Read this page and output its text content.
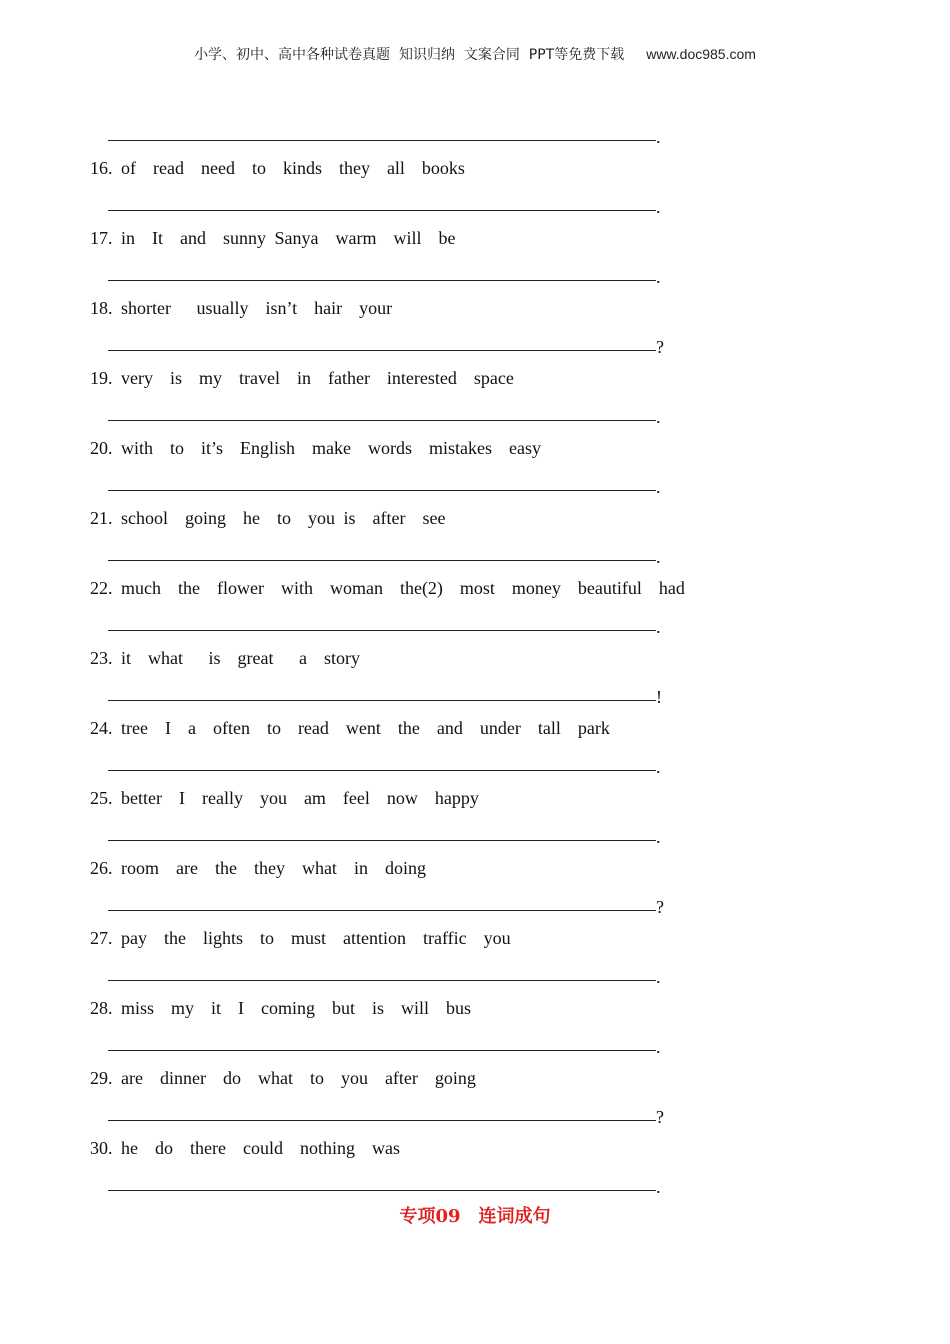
小学、初中、高中各种试卷真题  知识归纳  文案合同  PPT等免费下载 www.doc985.com
.
16. of  read  need  to  kinds  they  all  books
.
17. in  It  and  sunny Sanya  warm  will  be
.
18. shorter   usually  isn’t  hair  your
?
19. very  is  my  travel  in  father  interested  space
.
20. with  to  it’s  English  make  words  mistakes  easy
.
21. school  going  he  to  you is  after  see
.
22. much  the  flower  with  woman  the(2)  most  money  beautiful  had
.
23. it  what   is  great   a  story
!
24. tree  I  a  often  to  read  went  the  and  under  tall  park
.
25. better  I  really  you  am  feel  now  happy
.
26. room  are  the  they  what  in  doing
?
27. pay  the  lights  to  must  attention  traffic  you
.
28. miss  my  it  I  coming  but  is  will  bus
.
29. are  dinner  do  what  to  you  after  going
?
30. he  do  there  could  nothing  was
.
专项09　连词成句
